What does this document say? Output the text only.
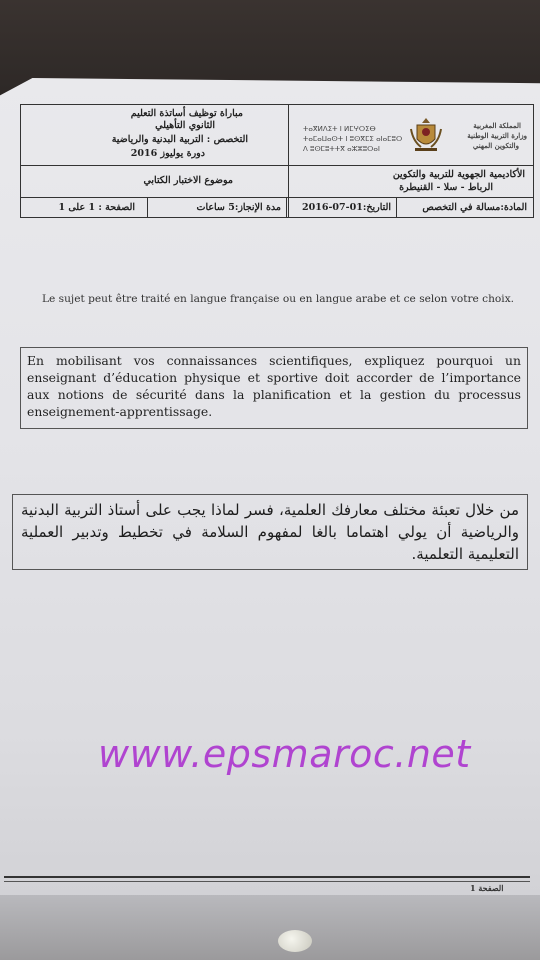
مباراة توظيف أساتذة التعليم
الثانوي التأهيلي
التخصص : التربية البدنية والرياضية
دورة يوليوز 2016
موضوع الاختبار الكتابي
ⵜⴰⴳⵍⴷⵉⵜ ⵏ ⵍⵎⵖⵔⵉⴱ
ⵜⴰⵎⴰⵡⴰⵙⵜ ⵏ ⵓⵙⴳⵎⵉ ⴰⵏⴰⵎⵓⵔ
ⴷ ⵓⵙⵎⵓⵜⵜⴳ ⴰⵣⵣⵓⵔⴰⵏ
المملكة المغربية
وزارة التربية الوطنية
والتكوين المهني
الأكاديمية الجهوية للتربية والتكوين
الرباط - سلا - القنيطرة
المادة:مسالة في التخصص
التاريخ:01-07-2016
مدة الإنجاز:5 ساعات
الصفحة : 1 على 1
Le sujet peut être traité en langue française ou en langue arabe et ce selon votre choix.
En mobilisant vos connaissances scientifiques, expliquez pourquoi un enseignant d’éducation physique et sportive doit accorder de l’importance aux notions de sécurité dans la planification et la gestion du processus enseignement-apprentissage.
من خلال تعبئة مختلف معارفك العلمية، فسر لماذا يجب على أستاذ التربية البدنية والرياضية أن يولي اهتماما بالغا لمفهوم السلامة في تخطيط وتدبير العملية التعليمية التعلمية.
www.epsmaroc.net
الصفحة 1
